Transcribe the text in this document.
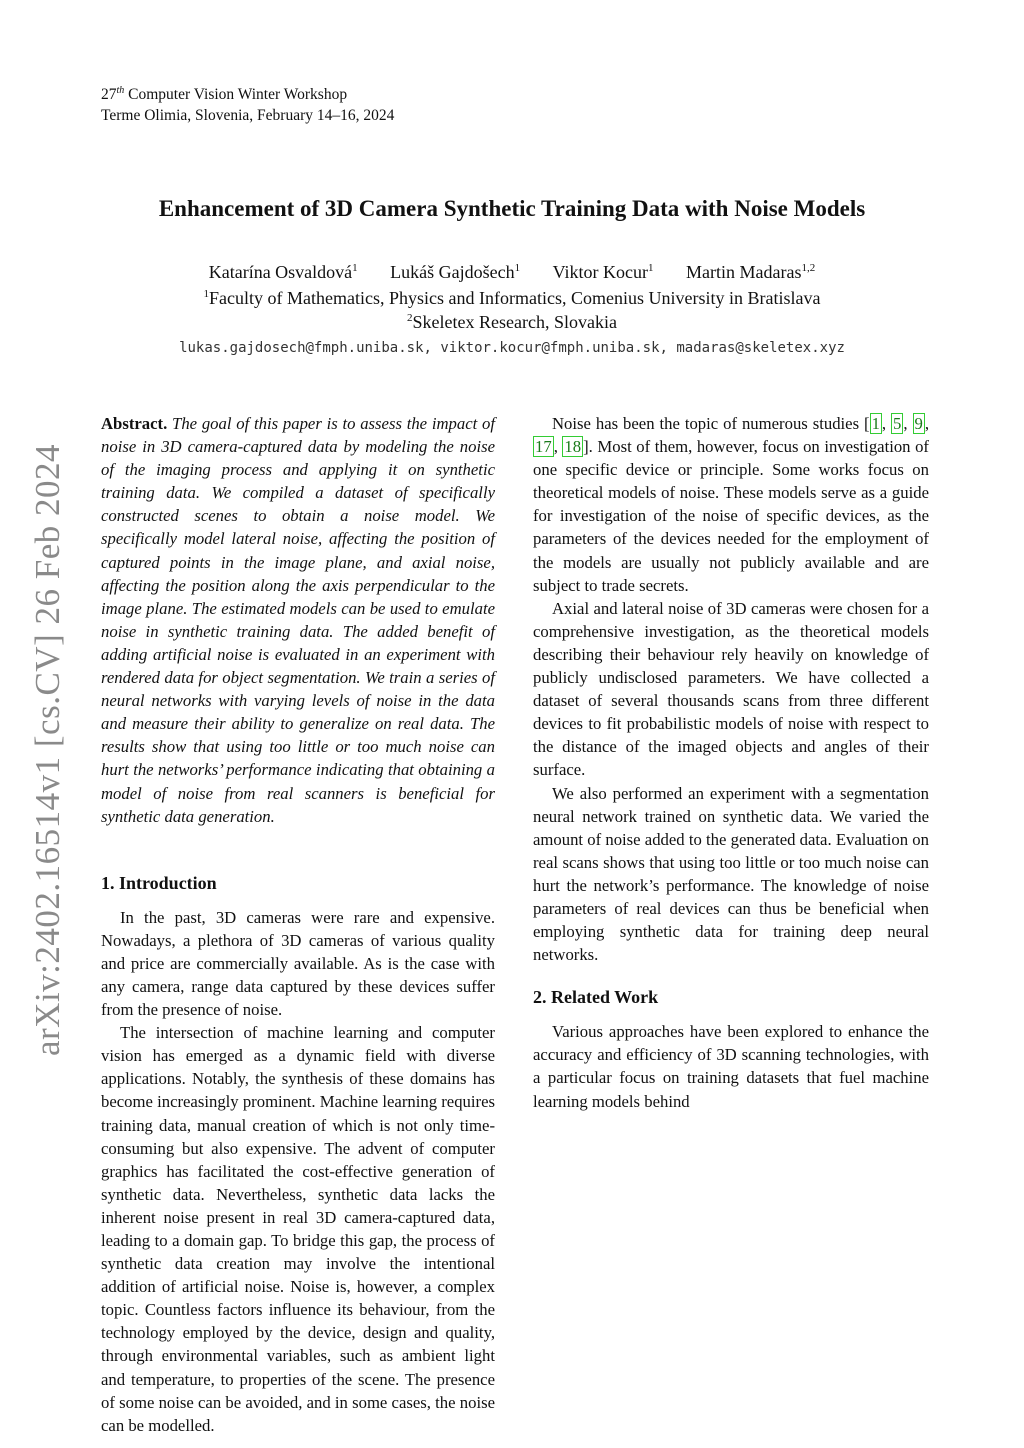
arXiv:2402.16514v1 [cs.CV] 26 Feb 2024
27th Computer Vision Winter Workshop
Terme Olimia, Slovenia, February 14–16, 2024
Enhancement of 3D Camera Synthetic Training Data with Noise Models
Katarína Osvaldová$^1$ Lukáš Gajdošech$^1$ Viktor Kocur$^1$ Martin Madaras$^{1,2}$
$^1$Faculty of Mathematics, Physics and Informatics, Comenius University in Bratislava
$^2$Skeletex Research, Slovakia
lukas.gajdosech@fmph.uniba.sk, viktor.kocur@fmph.uniba.sk, madaras@skeletex.xyz

Abstract. The goal of this paper is to assess the impact of noise in 3D camera-captured data by modeling the noise of the imaging process and applying it on synthetic training data. We compiled a dataset of specifically constructed scenes to obtain a noise model. We specifically model lateral noise, affecting the position of captured points in the image plane, and axial noise, affecting the position along the axis perpendicular to the image plane. The estimated models can be used to emulate noise in synthetic training data. The added benefit of adding artificial noise is evaluated in an experiment with rendered data for object segmentation. We train a series of neural networks with varying levels of noise in the data and measure their ability to generalize on real data. The results show that using too little or too much noise can hurt the networks’ performance indicating that obtaining a model of noise from real scanners is beneficial for synthetic data generation.

1. Introduction

In the past, 3D cameras were rare and expensive. Nowadays, a plethora of 3D cameras of various quality and price are commercially available. As is the case with any camera, range data captured by these devices suffer from the presence of noise.

The intersection of machine learning and computer vision has emerged as a dynamic field with diverse applications. Notably, the synthesis of these domains has become increasingly prominent. Machine learning requires training data, manual creation of which is not only time-consuming but also expensive. The advent of computer graphics has facilitated the cost-effective generation of synthetic data. Nevertheless, synthetic data lacks the inherent noise present in real 3D camera-captured data, leading to a domain gap. To bridge this gap, the process of synthetic data creation may involve the intentional addition of artificial noise. Noise is, however, a complex topic. Countless factors influence its behaviour, from the technology employed by the device, design and quality, through environmental variables, such as ambient light and temperature, to properties of the scene. The presence of some noise can be avoided, and in some cases, the noise can be modelled.

Noise has been the topic of numerous studies [ 1 , 5 , 9 , 17 , 18 ]. Most of them, however, focus on investigation of one specific device or principle. Some works focus on theoretical models of noise. These models serve as a guide for investigation of the noise of specific devices, as the parameters of the devices needed for the employment of the models are usually not publicly available and are subject to trade secrets.

Axial and lateral noise of 3D cameras were chosen for a comprehensive investigation, as the theoretical models describing their behaviour rely heavily on knowledge of publicly undisclosed parameters. We have collected a dataset of several thousands scans from three different devices to fit probabilistic models of noise with respect to the distance of the imaged objects and angles of their surface.

We also performed an experiment with a segmentation neural network trained on synthetic data. We varied the amount of noise added to the generated data. Evaluation on real scans shows that using too little or too much noise can hurt the network’s performance. The knowledge of noise parameters of real devices can thus be beneficial when employing synthetic data for training deep neural networks.

2. Related Work

Various approaches have been explored to enhance the accuracy and efficiency of 3D scanning technologies, with a particular focus on training datasets that fuel machine learning models behind
